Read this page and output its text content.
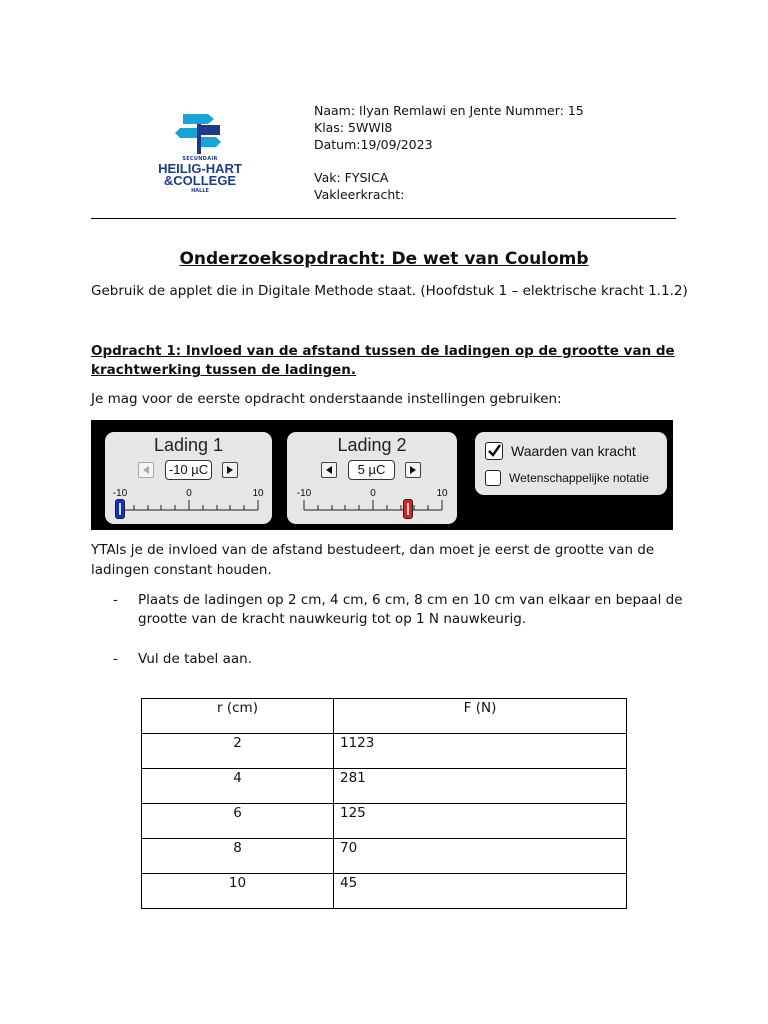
SECUNDAIR
HEILIG-HART
&COLLEGE
HALLE
Naam: Ilyan Remlawi en Jente Nummer: 15
Klas: 5WWI8
Datum:19/09/2023
Vak: FYSICA
Vakleerkracht:
Onderzoeksopdracht: De wet van Coulomb
Gebruik de applet die in Digitale Methode staat. (Hoofdstuk 1 – elektrische kracht 1.1.2)
Opdracht 1: Invloed van de afstand tussen de ladingen op de grootte van de
krachtwerking tussen de ladingen.
Je mag voor de eerste opdracht onderstaande instellingen gebruiken:
Lading 1
-10 µC
-10	0	10
Lading 2
5 µC
-10	0	10
Waarden van kracht
Wetenschappelijke notatie
YTAls je de invloed van de afstand bestudeert, dan moet je eerst de grootte van de
ladingen constant houden.
- Plaats de ladingen op 2 cm, 4 cm, 6 cm, 8 cm en 10 cm van elkaar en bepaal de
grootte van de kracht nauwkeurig tot op 1 N nauwkeurig.
- Vul de tabel aan.
r (cm)	F (N)
2	1123
4	281
6	125
8	70
10	45
